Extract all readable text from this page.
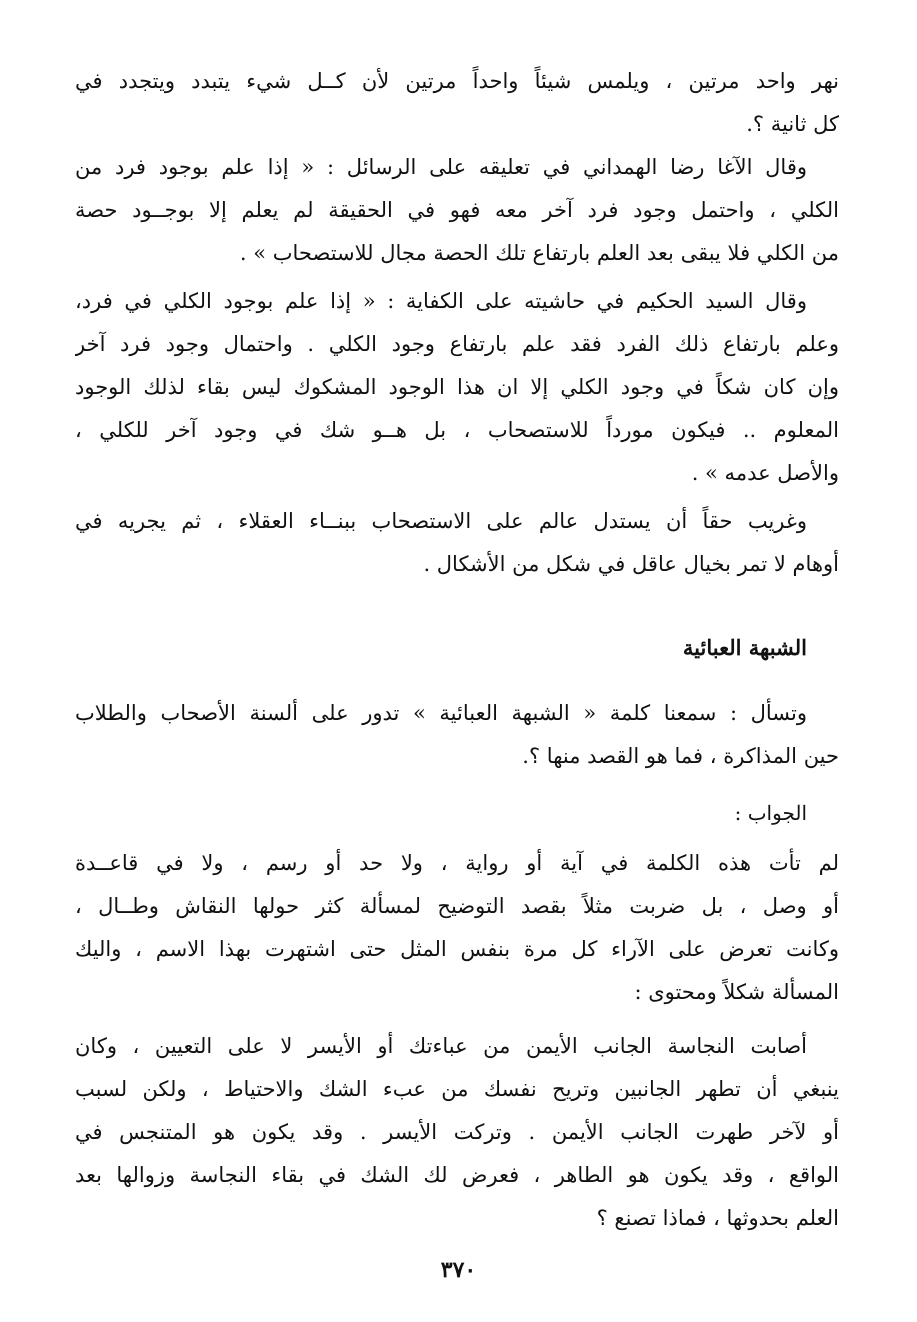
نهر واحد مرتين ، ويلمس شيئاً واحداً مرتين لأن كــل شيء يتبدد ويتجدد في
كل ثانية ؟.
وقال الآغا رضا الهمداني في تعليقه على الرسائل : « إذا علم بوجود فرد من
الكلي ، واحتمل وجود فرد آخر معه فهو في الحقيقة لم يعلم إلا بوجــود حصة
من الكلي فلا يبقى بعد العلم بارتفاع تلك الحصة مجال للاستصحاب » .
وقال السيد الحكيم في حاشيته على الكفاية : « إذا علم بوجود الكلي في فرد،
وعلم بارتفاع ذلك الفرد فقد علم بارتفاع وجود الكلي . واحتمال وجود فرد آخر
وإن كان شكاً في وجود الكلي إلا ان هذا الوجود المشكوك ليس بقاء لذلك الوجود
المعلوم .. فيكون مورداً للاستصحاب ، بل هــو شك في وجود آخر للكلي ،
والأصل عدمه » .
وغريب حقاً أن يستدل عالم على الاستصحاب ببنــاء العقلاء ، ثم يجريه في
أوهام لا تمر بخيال عاقل في شكل من الأشكال .
الشبهة العبائية
وتسأل : سمعنا كلمة « الشبهة العبائية » تدور على ألسنة الأصحاب والطلاب
حين المذاكرة ، فما هو القصد منها ؟.
الجواب :
لم تأت هذه الكلمة في آية أو رواية ، ولا حد أو رسم ، ولا في قاعــدة
أو وصل ، بل ضربت مثلاً بقصد التوضيح لمسألة كثر حولها النقاش وطــال ،
وكانت تعرض على الآراء كل مرة بنفس المثل حتى اشتهرت بهذا الاسم ، واليك
المسألة شكلاً ومحتوى :
أصابت النجاسة الجانب الأيمن من عباءتك أو الأيسر لا على التعيين ، وكان
ينبغي أن تطهر الجانبين وتريح نفسك من عبء الشك والاحتياط ، ولكن لسبب
أو لآخر طهرت الجانب الأيمن . وتركت الأيسر . وقد يكون هو المتنجس في
الواقع ، وقد يكون هو الطاهر ، فعرض لك الشك في بقاء النجاسة وزوالها بعد
العلم بحدوثها ، فماذا تصنع ؟
٣٧٠
